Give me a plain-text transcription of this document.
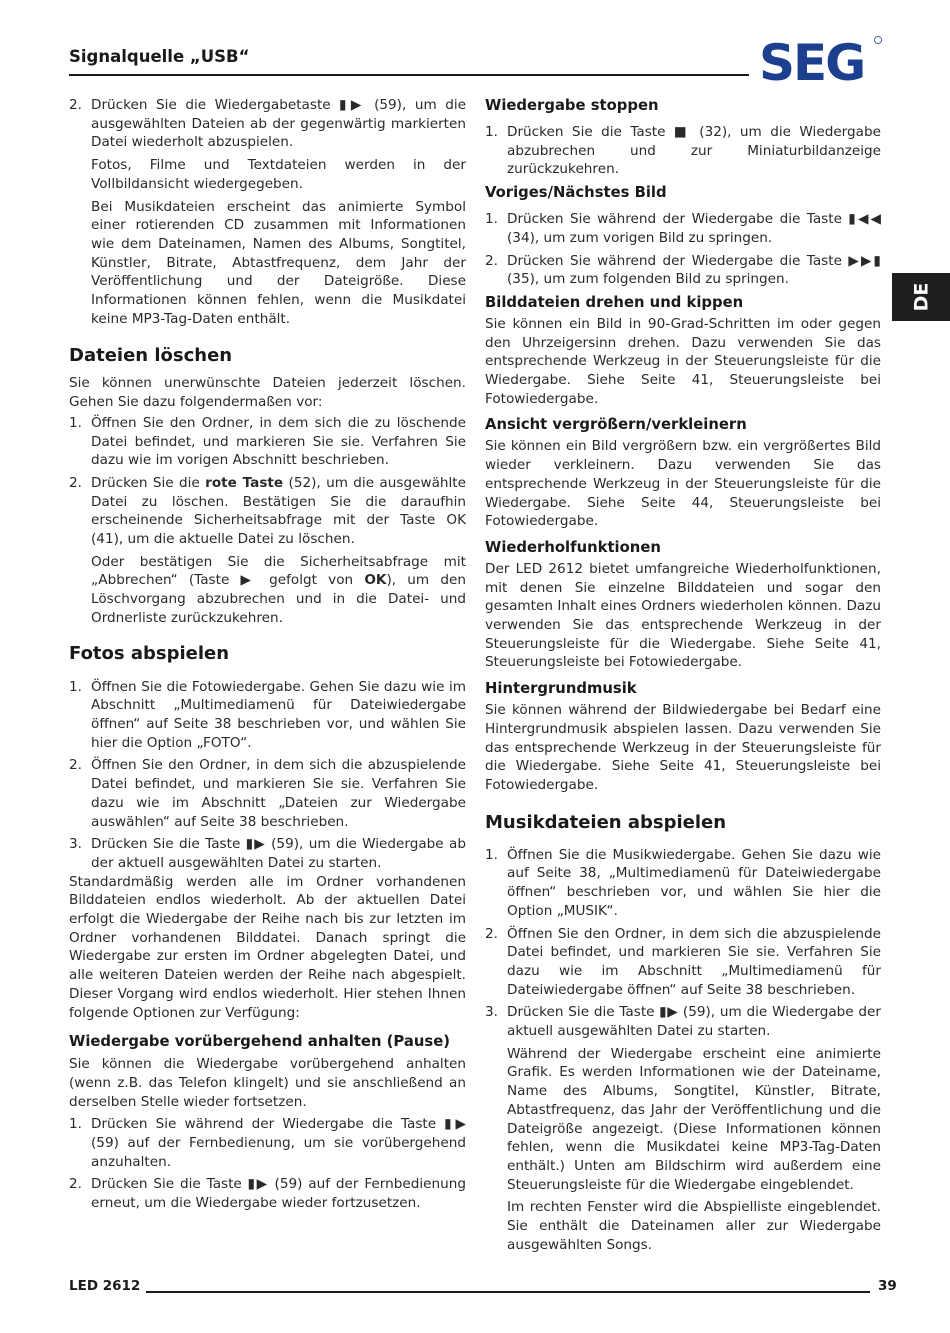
Signalquelle „USB“	SEG
DE
2. Drücken Sie die Wiedergabetaste ▮▶ (59), um die ausgewählten Dateien ab der gegenwärtig markierten Datei wiederholt abzuspielen.

Fotos, Filme und Textdateien werden in der Vollbildansicht wiedergegeben.

Bei Musikdateien erscheint das animierte Symbol einer rotierenden CD zusammen mit Informationen wie dem Dateinamen, Namen des Albums, Songtitel, Künstler, Bitrate, Abtastfrequenz, dem Jahr der Veröffentlichung und der Dateigröße. Diese Informationen können fehlen, wenn die Musikdatei keine MP3-Tag-Daten enthält.

Dateien löschen

Sie können unerwünschte Dateien jederzeit löschen. Gehen Sie dazu folgendermaßen vor:

1. Öffnen Sie den Ordner, in dem sich die zu löschende Datei befindet, und markieren Sie sie. Verfahren Sie dazu wie im vorigen Abschnitt beschrieben.
2. Drücken Sie die rote Taste (52), um die ausgewählte Datei zu löschen. Bestätigen Sie die daraufhin erscheinende Sicherheitsabfrage mit der Taste OK (41), um die aktuelle Datei zu löschen.

Oder bestätigen Sie die Sicherheitsabfrage mit „Abbrechen“ (Taste ▶ gefolgt von OK), um den Löschvorgang abzubrechen und in die Datei- und Ordnerliste zurückzukehren.

Fotos abspielen
1. Öffnen Sie die Fotowiedergabe. Gehen Sie dazu wie im Abschnitt „Multimediamenü für Dateiwiedergabe öffnen“ auf Seite 38 beschrieben vor, und wählen Sie hier die Option „FOTO“.
2. Öffnen Sie den Ordner, in dem sich die abzuspielende Datei befindet, und markieren Sie sie. Verfahren Sie dazu wie im Abschnitt „Dateien zur Wiedergabe auswählen“ auf Seite 38 beschrieben.
3. Drücken Sie die Taste ▮▶ (59), um die Wiedergabe ab der aktuell ausgewählten Datei zu starten.

Standardmäßig werden alle im Ordner vorhandenen Bilddateien endlos wiederholt. Ab der aktuellen Datei erfolgt die Wiedergabe der Reihe nach bis zur letzten im Ordner vorhandenen Bilddatei. Danach springt die Wiedergabe zur ersten im Ordner abgelegten Datei, und alle weiteren Dateien werden der Reihe nach abgespielt. Dieser Vorgang wird endlos wiederholt. Hier stehen Ihnen folgende Optionen zur Verfügung:

Wiedergabe vorübergehend anhalten (Pause)

Sie können die Wiedergabe vorübergehend anhalten (wenn z.B. das Telefon klingelt) und sie anschließend an derselben Stelle wieder fortsetzen.

1. Drücken Sie während der Wiedergabe die Taste ▮▶ (59) auf der Fernbedienung, um sie vorübergehend anzuhalten.
2. Drücken Sie die Taste ▮▶ (59) auf der Fernbedienung erneut, um die Wiedergabe wieder fortzusetzen.
Wiedergabe stoppen
1. Drücken Sie die Taste ■ (32), um die Wiedergabe abzubrechen und zur Miniaturbildanzeige zurückzukehren.
Voriges/Nächstes Bild
1. Drücken Sie während der Wiedergabe die Taste ▮◀◀ (34), um zum vorigen Bild zu springen.
2. Drücken Sie während der Wiedergabe die Taste ▶▶▮ (35), um zum folgenden Bild zu springen.
Bilddateien drehen und kippen

Sie können ein Bild in 90-Grad-Schritten im oder gegen den Uhrzeigersinn drehen. Dazu verwenden Sie das entsprechende Werkzeug in der Steuerungsleiste für die Wiedergabe. Siehe Seite 41, Steuerungsleiste bei Fotowiedergabe.

Ansicht vergrößern/verkleinern

Sie können ein Bild vergrößern bzw. ein vergrößertes Bild wieder verkleinern. Dazu verwenden Sie das entsprechende Werkzeug in der Steuerungsleiste für die Wiedergabe. Siehe Seite 44, Steuerungsleiste bei Fotowiedergabe.

Wiederholfunktionen

Der LED 2612 bietet umfangreiche Wiederholfunktionen, mit denen Sie einzelne Bilddateien und sogar den gesamten Inhalt eines Ordners wiederholen können. Dazu verwenden Sie das entsprechende Werkzeug in der Steuerungsleiste für die Wiedergabe. Siehe Seite 41, Steuerungsleiste bei Fotowiedergabe.

Hintergrundmusik

Sie können während der Bildwiedergabe bei Bedarf eine Hintergrundmusik abspielen lassen. Dazu verwenden Sie das entsprechende Werkzeug in der Steuerungsleiste für die Wiedergabe. Siehe Seite 41, Steuerungsleiste bei Fotowiedergabe.

Musikdateien abspielen
1. Öffnen Sie die Musikwiedergabe. Gehen Sie dazu wie auf Seite 38, „Multimediamenü für Dateiwiedergabe öffnen“ beschrieben vor, und wählen Sie hier die Option „MUSIK“.
2. Öffnen Sie den Ordner, in dem sich die abzuspielende Datei befindet, und markieren Sie sie. Verfahren Sie dazu wie im Abschnitt „Multimediamenü für Dateiwiedergabe öffnen“ auf Seite 38 beschrieben.
3. Drücken Sie die Taste ▮▶ (59), um die Wiedergabe der aktuell ausgewählten Datei zu starten.

Während der Wiedergabe erscheint eine animierte Grafik. Es werden Informationen wie der Dateiname, Name des Albums, Songtitel, Künstler, Bitrate, Abtastfrequenz, das Jahr der Veröffentlichung und die Dateigröße angezeigt. (Diese Informationen können fehlen, wenn die Musikdatei keine MP3-Tag-Daten enthält.) Unten am Bildschirm wird außerdem eine Steuerungsleiste für die Wiedergabe eingeblendet.

Im rechten Fenster wird die Abspielliste eingeblendet. Sie enthält die Dateinamen aller zur Wiedergabe ausgewählten Songs.

LED 2612	39
